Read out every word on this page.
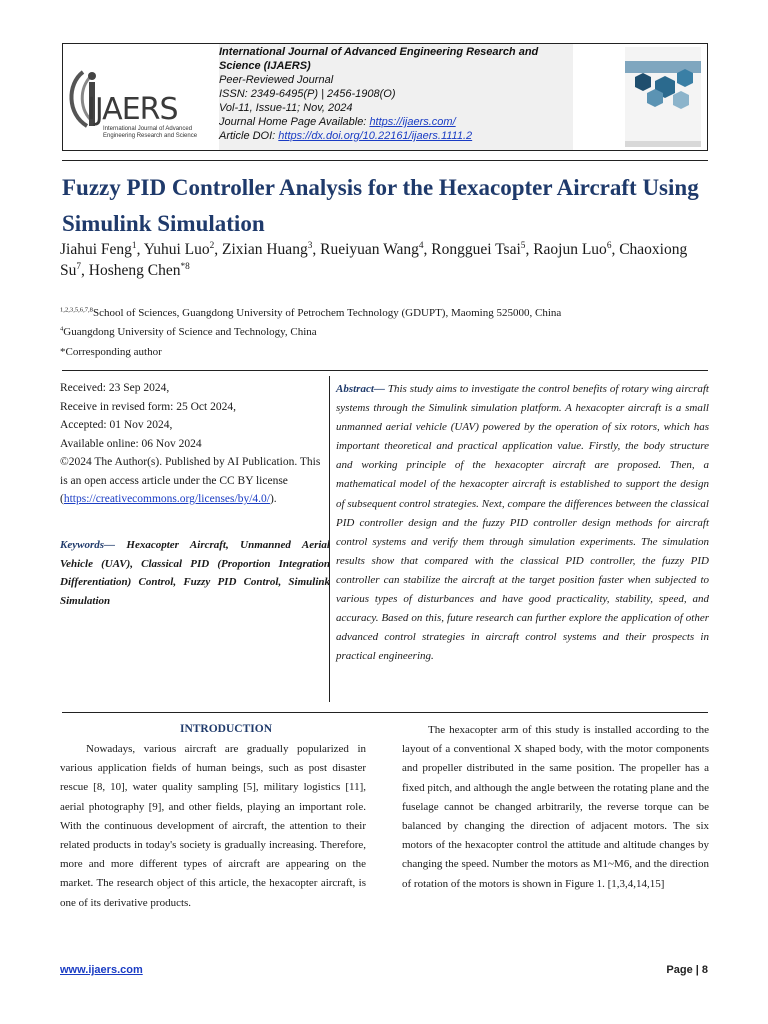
IJAERS
International Journal of Advanced Engineering Research and Science
International Journal of Advanced Engineering Research and Science (IJAERS)
Peer-Reviewed Journal
ISSN: 2349-6495(P) | 2456-1908(O)
Vol-11, Issue-11; Nov, 2024
Journal Home Page Available: https://ijaers.com/
Article DOI: https://dx.doi.org/10.22161/ijaers.1111.2
Fuzzy PID Controller Analysis for the Hexacopter Aircraft Using Simulink Simulation
Jiahui Feng$^1$, Yuhui Luo$^2$, Zixian Huang$^3$, Rueiyuan Wang$^4$, Rongguei Tsai$^5$, Raojun Luo$^6$, Chaoxiong Su$^7$, Hosheng Chen$^{*8}$
$^{1,2,3,5,6,7,8}$School of Sciences, Guangdong University of Petrochem Technology (GDUPT), Maoming 525000, China
$^4$Guangdong University of Science and Technology, China
*Corresponding author
Received: 23 Sep 2024,
Receive in revised form: 25 Oct 2024,
Accepted: 01 Nov 2024,
Available online: 06 Nov 2024
©2024 The Author(s). Published by AI Publication. This is an open access article under the CC BY license
(https://creativecommons.org/licenses/by/4.0/).
Keywords— Hexacopter Aircraft, Unmanned Aerial Vehicle (UAV), Classical PID (Proportion Integration Differentiation) Control, Fuzzy PID Control, Simulink Simulation
Abstract— This study aims to investigate the control benefits of rotary wing aircraft systems through the Simulink simulation platform. A hexacopter aircraft is a small unmanned aerial vehicle (UAV) powered by the operation of six rotors, which has important theoretical and practical application value. Firstly, the body structure and working principle of the hexacopter aircraft are proposed. Then, a mathematical model of the hexacopter aircraft is established to support the design of subsequent control strategies. Next, compare the differences between the classical PID controller design and the fuzzy PID controller design methods for aircraft control systems and verify them through simulation experiments. The simulation results show that compared with the classical PID controller, the fuzzy PID controller can stabilize the aircraft at the target position faster when subjected to various types of disturbances and have good practicality, stability, speed, and accuracy. Based on this, future research can further explore the application of other advanced control strategies in aircraft control systems and their prospects in practical engineering.
INTRODUCTION
Nowadays, various aircraft are gradually popularized in various application fields of human beings, such as post disaster rescue [8, 10], water quality sampling [5], military logistics [11], aerial photography [9], and other fields, playing an important role. With the continuous development of aircraft, the attention to their related products in today's society is gradually increasing. Therefore, more and more different types of aircraft are appearing on the market. The research object of this article, the hexacopter aircraft, is one of its derivative products.
The hexacopter arm of this study is installed according to the layout of a conventional X shaped body, with the motor components and propeller distributed in the same position. The propeller has a fixed pitch, and although the angle between the rotating plane and the fuselage cannot be changed arbitrarily, the reverse torque can be balanced by changing the direction of adjacent motors. The six motors of the hexacopter control the attitude and altitude changes by changing the speed. Number the motors as M1~M6, and the direction of rotation of the motors is shown in Figure 1. [1,3,4,14,15]
www.ijaers.com	Page | 8
